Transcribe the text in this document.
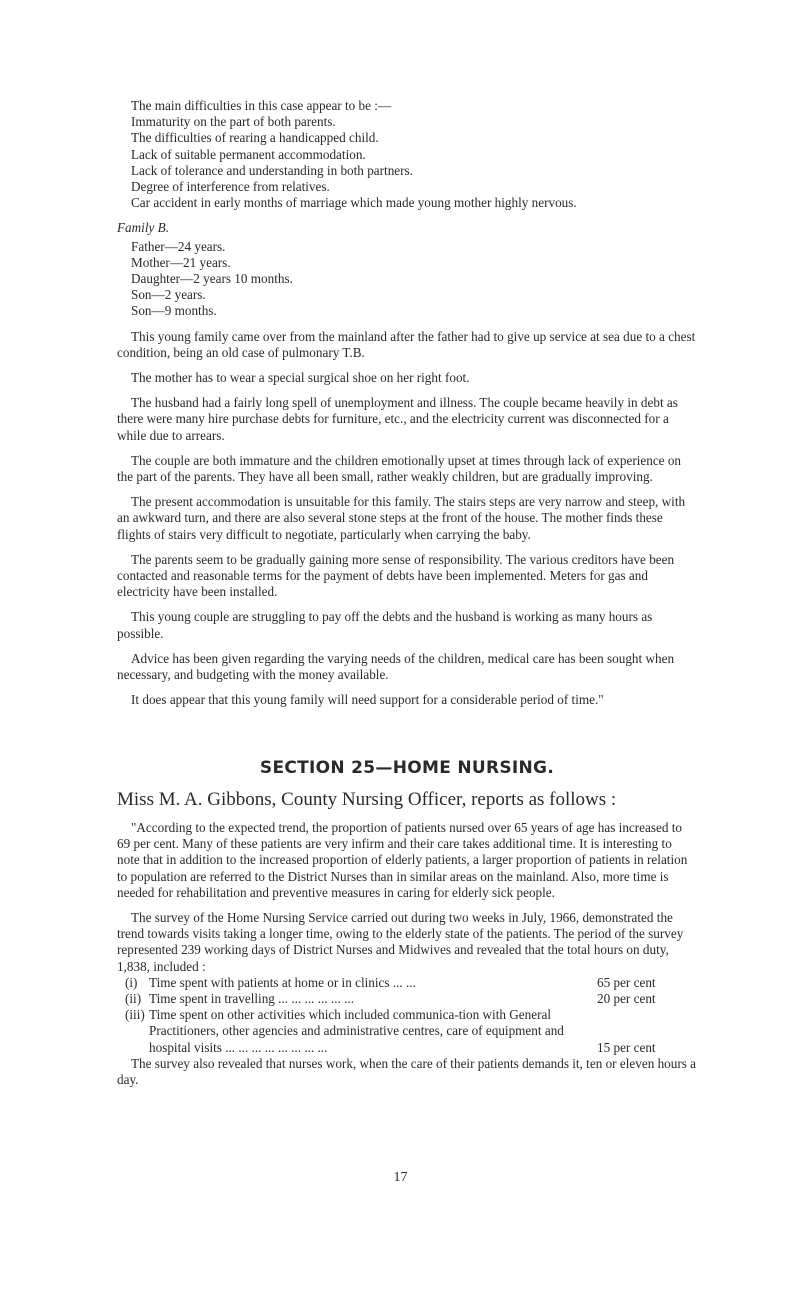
The main difficulties in this case appear to be :—

Immaturity on the part of both parents.

The difficulties of rearing a handicapped child.

Lack of suitable permanent accommodation.

Lack of tolerance and understanding in both partners.

Degree of interference from relatives.

Car accident in early months of marriage which made young mother highly nervous.

Family B.

Father—24 years.
Mother—21 years.
Daughter—2 years 10 months.
Son—2 years.
Son—9 months.

This young family came over from the mainland after the father had to give up service at sea due to a chest condition, being an old case of pulmonary T.B.

The mother has to wear a special surgical shoe on her right foot.

The husband had a fairly long spell of unemployment and illness. The couple became heavily in debt as there were many hire purchase debts for furniture, etc., and the electricity current was disconnected for a while due to arrears.

The couple are both immature and the children emotionally upset at times through lack of experience on the part of the parents. They have all been small, rather weakly children, but are gradually improving.

The present accommodation is unsuitable for this family. The stairs steps are very narrow and steep, with an awkward turn, and there are also several stone steps at the front of the house. The mother finds these flights of stairs very difficult to negotiate, particularly when carrying the baby.

The parents seem to be gradually gaining more sense of responsibility. The various creditors have been contacted and reasonable terms for the payment of debts have been implemented. Meters for gas and electricity have been installed.

This young couple are struggling to pay off the debts and the husband is working as many hours as possible.

Advice has been given regarding the varying needs of the children, medical care has been sought when necessary, and budgeting with the money available.

It does appear that this young family will need support for a considerable period of time."

SECTION 25—HOME NURSING.

Miss M. A. Gibbons, County Nursing Officer, reports as follows :

"According to the expected trend, the proportion of patients nursed over 65 years of age has increased to 69 per cent. Many of these patients are very infirm and their care takes additional time. It is interesting to note that in addition to the increased proportion of elderly patients, a larger proportion of patients in relation to population are referred to the District Nurses than in similar areas on the mainland. Also, more time is needed for rehabilitation and preventive measures in caring for elderly sick people.

The survey of the Home Nursing Service carried out during two weeks in July, 1966, demonstrated the trend towards visits taking a longer time, owing to the elderly state of the patients. The period of the survey represented 239 working days of District Nurses and Midwives and revealed that the total hours on duty, 1,838, included :

(i) Time spent with patients at home or in clinics ... ...	65 per cent
(ii) Time spent in travelling ... ... ... ... ... ...	20 per cent
(iii) Time spent on other activities which included communica-tion with General Practitioners, other agencies and administrative centres, care of equipment and hospital visits ... ... ... ... ... ... ... ...	15 per cent

The survey also revealed that nurses work, when the care of their patients demands it, ten or eleven hours a day.

17
